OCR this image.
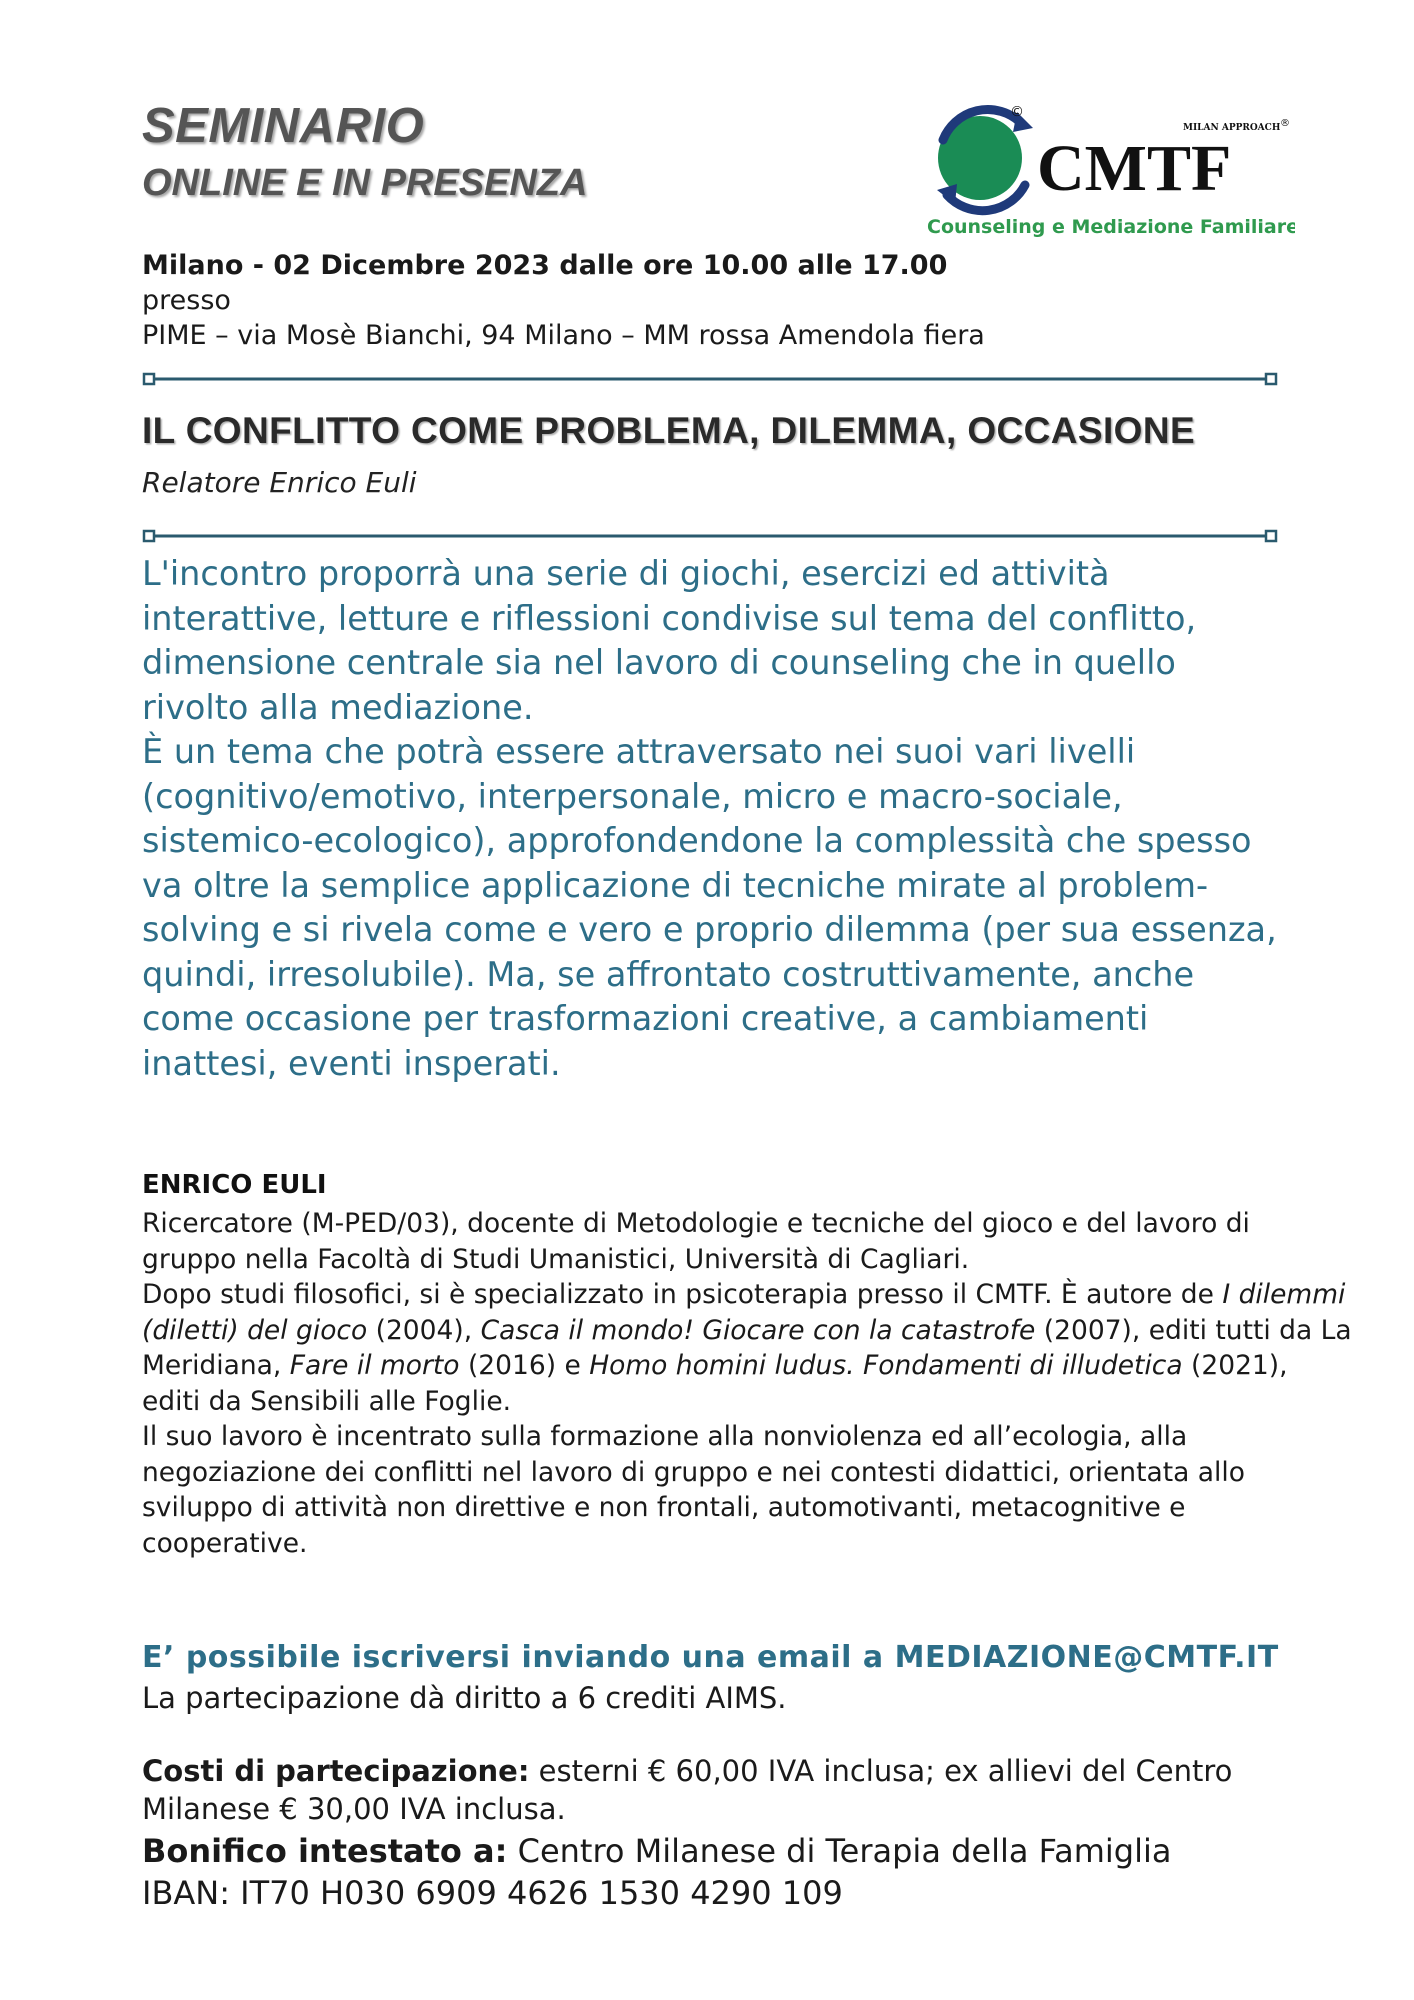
SEMINARIO
ONLINE E IN PRESENZA
©
MILAN APPROACH ®
CMTF
Counseling e Mediazione Familiare
Milano - 02 Dicembre 2023 dalle ore 10.00 alle 17.00
presso
PIME – via Mosè Bianchi, 94 Milano – MM rossa Amendola fiera
IL CONFLITTO COME PROBLEMA, DILEMMA, OCCASIONE
Relatore Enrico Euli
L'incontro proporrà una serie di giochi, esercizi ed attività interattive, letture e riflessioni condivise sul tema del conflitto, dimensione centrale sia nel lavoro di counseling che in quello rivolto alla mediazione.
È un tema che potrà essere attraversato nei suoi vari livelli (cognitivo/emotivo, interpersonale, micro e macro-sociale, sistemico-ecologico), approfondendone la complessità che spesso va oltre la semplice applicazione di tecniche mirate al problem-solving e si rivela come e vero e proprio dilemma (per sua essenza, quindi, irresolubile). Ma, se affrontato costruttivamente, anche come occasione per trasformazioni creative, a cambiamenti inattesi, eventi insperati.
ENRICO EULI
Ricercatore (M-PED/03), docente di Metodologie e tecniche del gioco e del lavoro di gruppo nella Facoltà di Studi Umanistici, Università di Cagliari.
Dopo studi filosofici, si è specializzato in psicoterapia presso il CMTF. È autore de I dilemmi (diletti) del gioco (2004), Casca il mondo! Giocare con la catastrofe (2007), editi tutti da La Meridiana, Fare il morto (2016) e Homo homini ludus. Fondamenti di illudetica (2021), editi da Sensibili alle Foglie.
Il suo lavoro è incentrato sulla formazione alla nonviolenza ed all’ecologia, alla negoziazione dei conflitti nel lavoro di gruppo e nei contesti didattici, orientata allo sviluppo di attività non direttive e non frontali, automotivanti, metacognitive e cooperative.
E’ possibile iscriversi inviando una email a MEDIAZIONE@CMTF.IT
La partecipazione dà diritto a 6 crediti AIMS.
Costi di partecipazione: esterni € 60,00 IVA inclusa; ex allievi del Centro Milanese € 30,00 IVA inclusa.
Bonifico intestato a: Centro Milanese di Terapia della Famiglia
IBAN: IT70 H030 6909 4626 1530 4290 109
